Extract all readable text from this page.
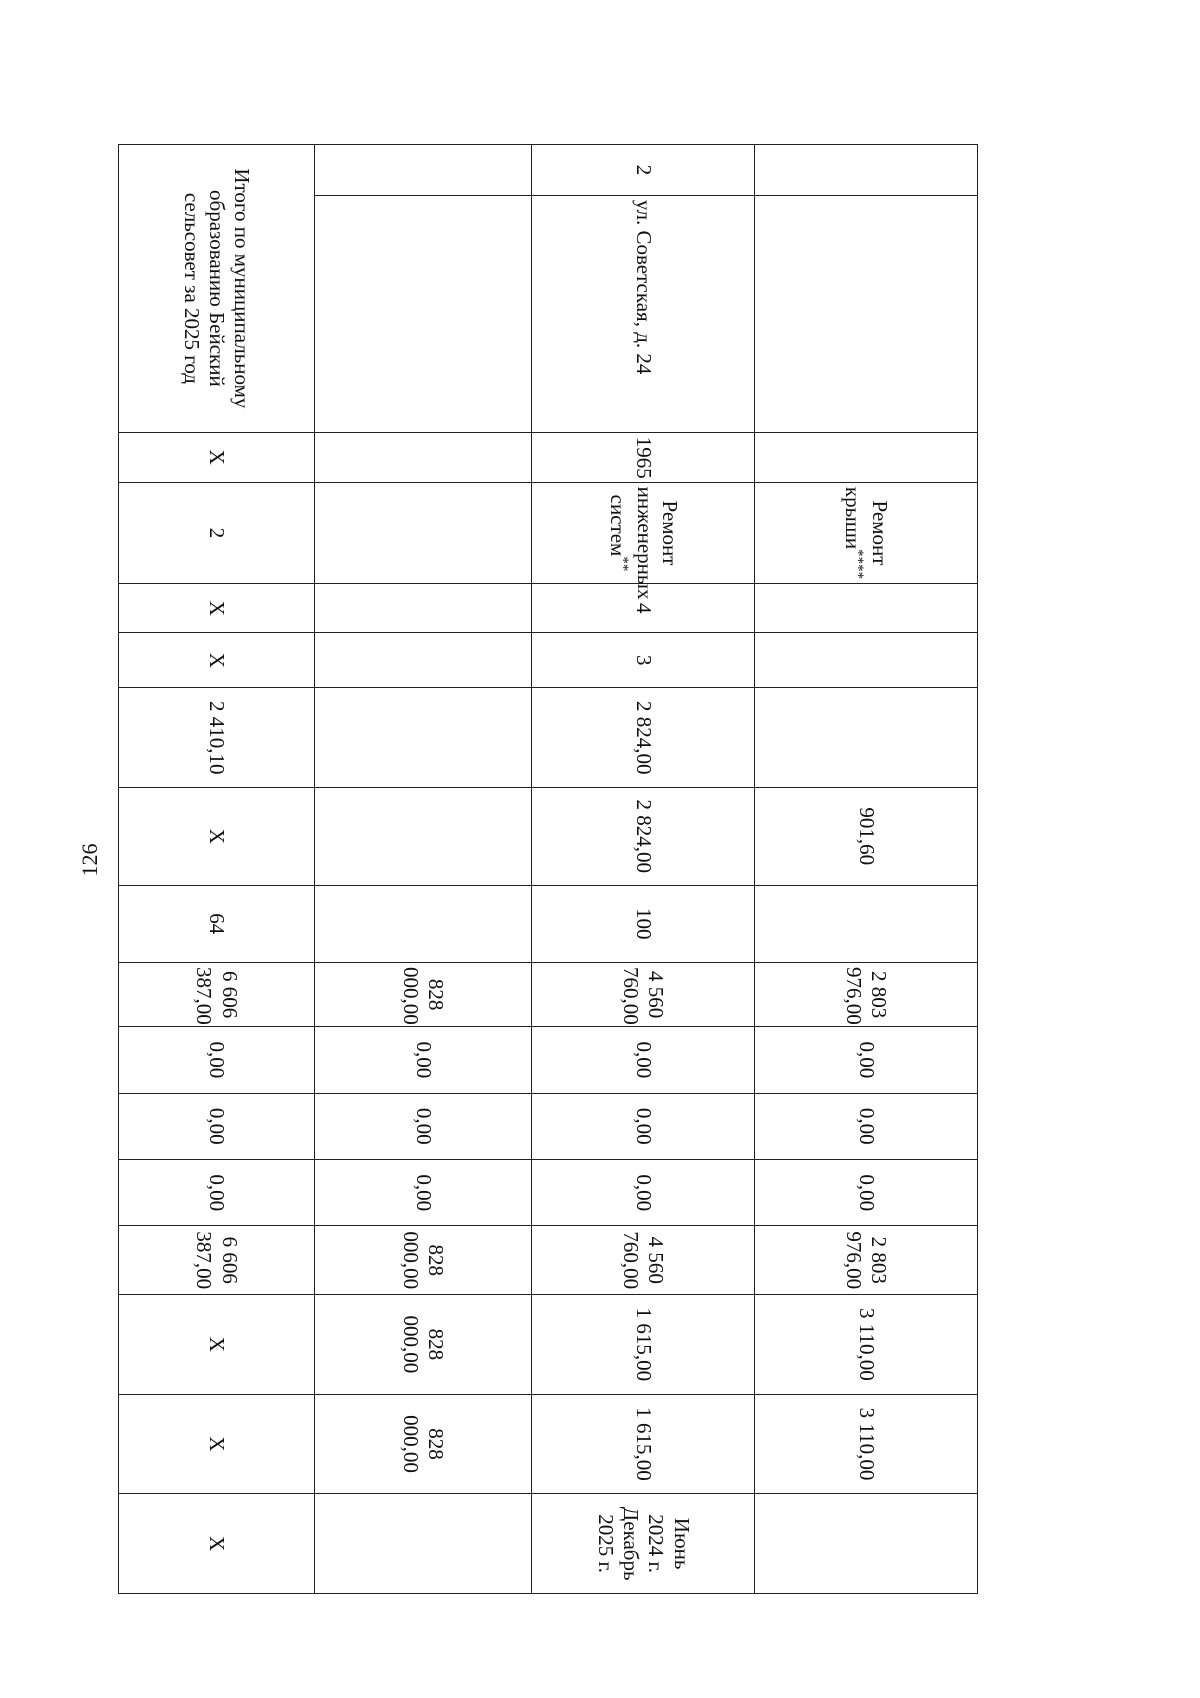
126
			Ремонт крыши****				901,60		2 803 976,00	0,00	0,00	0,00	2 803 976,00	3 110,00	3 110,00	
2	ул. Советская, д. 24	1965	Ремонт инженерных систем**	4	3	2 824,00	2 824,00	100	4 560 760,00	0,00	0,00	0,00	4 560 760,00	1 615,00	1 615,00	Июнь 2024 г. Декабрь 2025 г.
									828 000,00	0,00	0,00	0,00	828 000,00	828 000,00	828 000,00	
Итого по муниципальному образованию Бейский сельсовет за 2025 год		X	2	X	X	2 410,10	X	64	6 606 387,00	0,00	0,00	0,00	6 606 387,00	X	X	X
